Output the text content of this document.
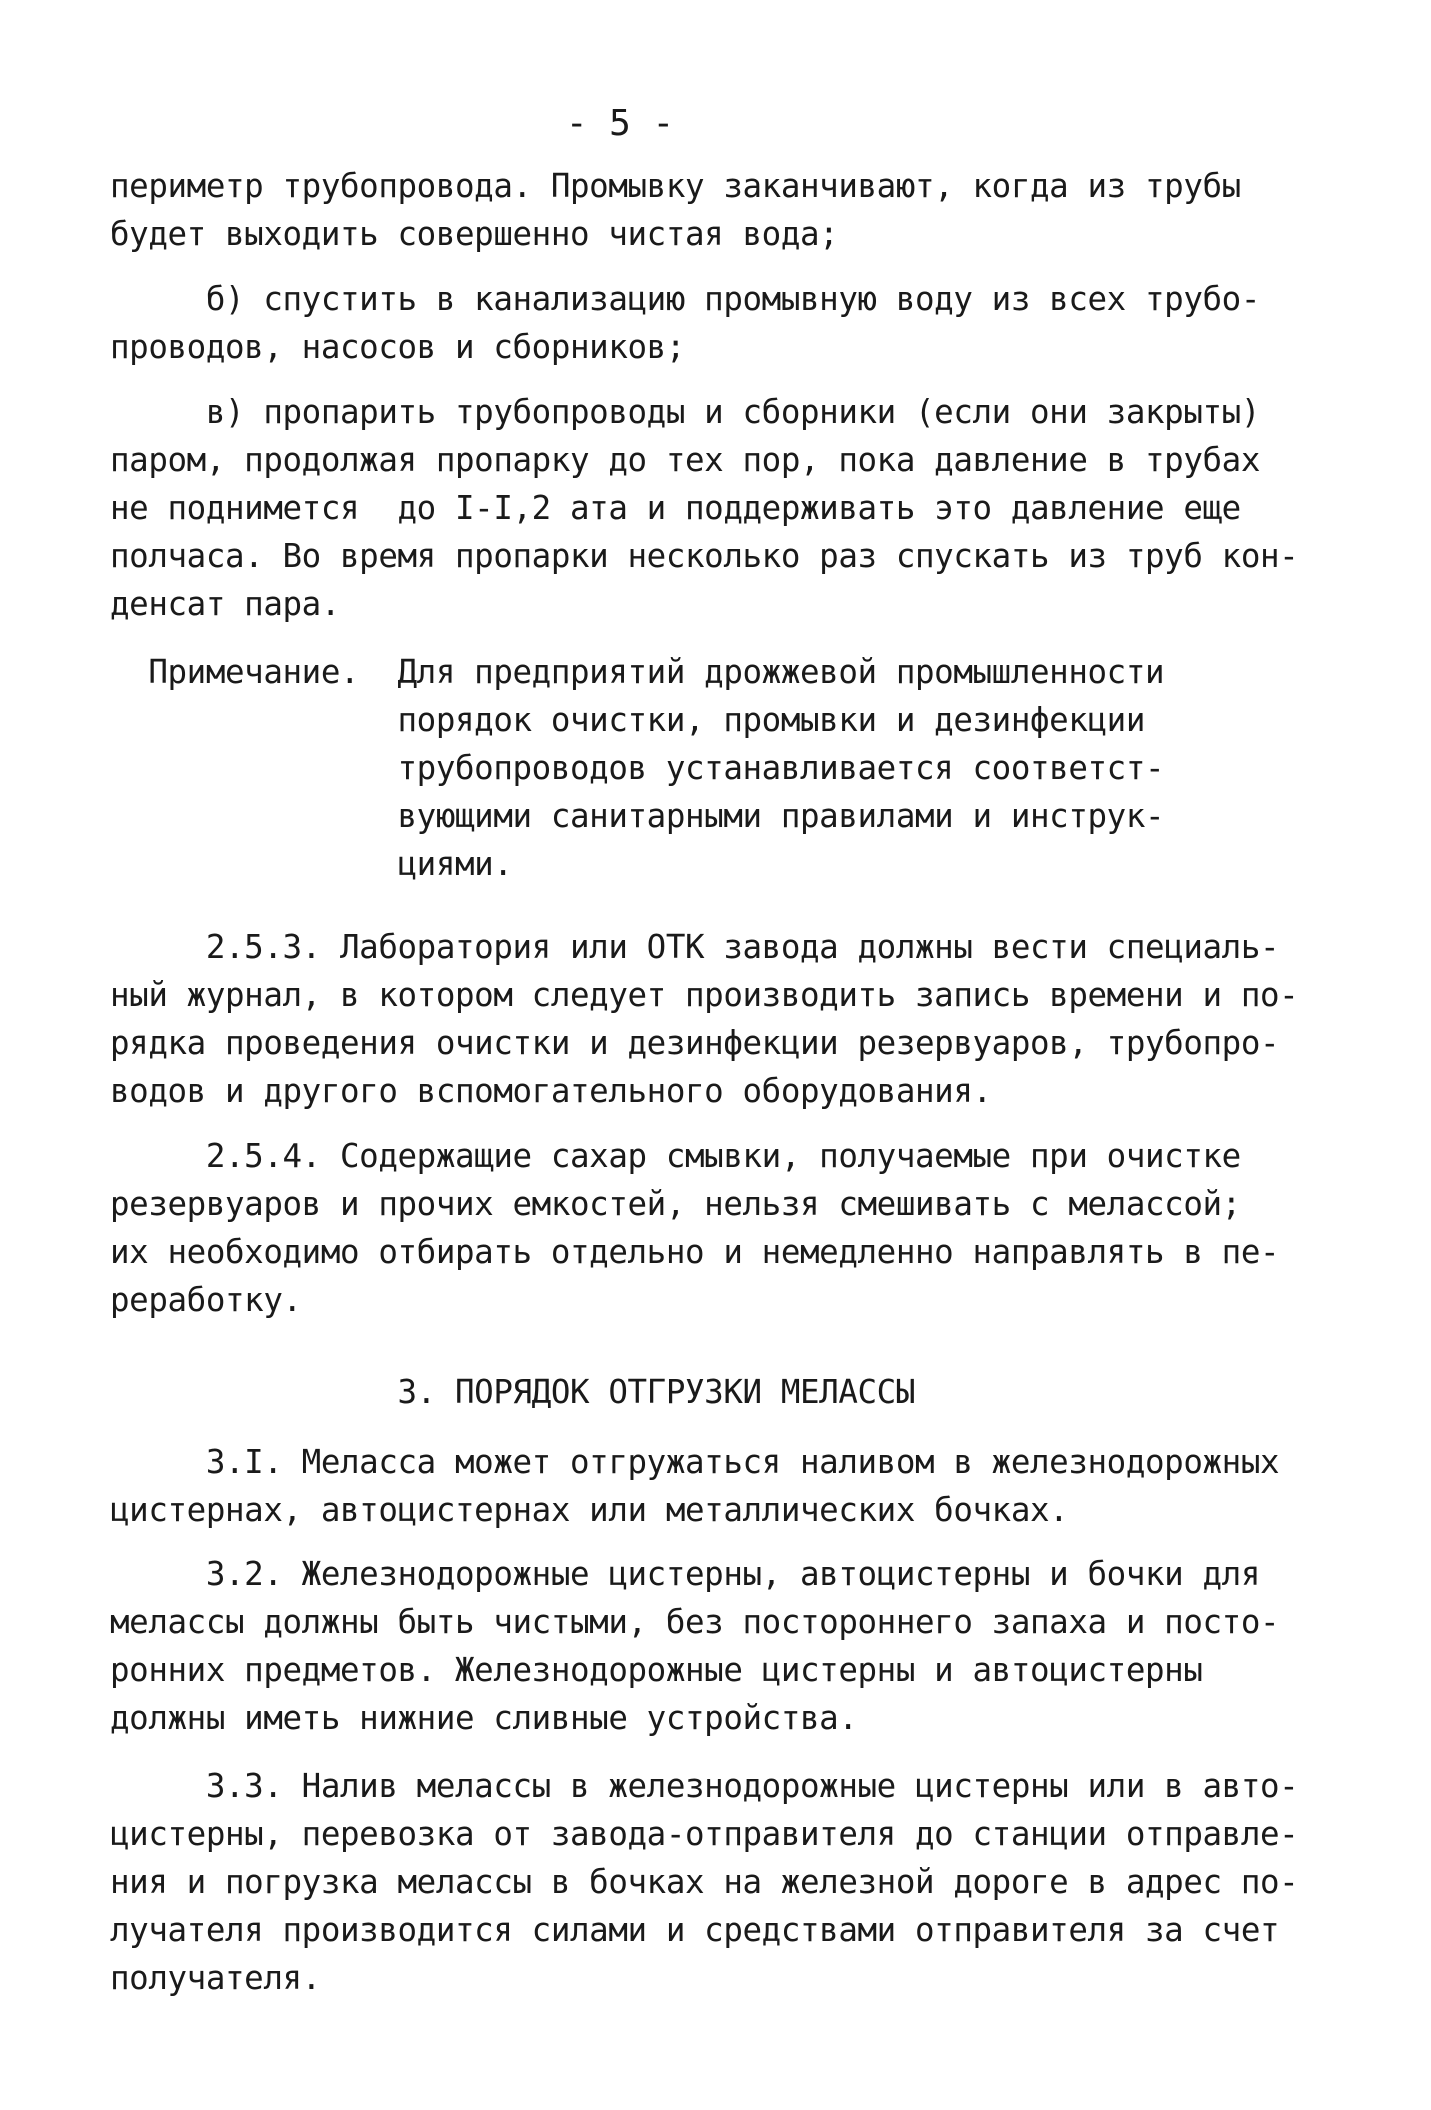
- 5 -
периметр трубопровода. Промывку заканчивают, когда из трубы
будет выходить совершенно чистая вода;
б) спустить в канализацию промывную воду из всех трубо-
проводов, насосов и сборников;
в) пропарить трубопроводы и сборники (если они закрыты)
паром, продолжая пропарку до тех пор, пока давление в трубах
не поднимется  до I-I,2 ата и поддерживать это давление еще
полчаса. Во время пропарки несколько раз спускать из труб кон-
денсат пара.
Примечание.  Для предприятий дрожжевой промышленности
порядок очистки, промывки и дезинфекции
трубопроводов устанавливается соответст-
вующими санитарными правилами и инструк-
циями.
2.5.3. Лаборатория или ОТК завода должны вести специаль-
ный журнал, в котором следует производить запись времени и по-
рядка проведения очистки и дезинфекции резервуаров, трубопро-
водов и другого вспомогательного оборудования.
2.5.4. Содержащие сахар смывки, получаемые при очистке
резервуаров и прочих емкостей, нельзя смешивать с мелассой;
их необходимо отбирать отдельно и немедленно направлять в пе-
реработку.
3. ПОРЯДОК ОТГРУЗКИ МЕЛАССЫ
3.I. Меласса может отгружаться наливом в железнодорожных
цистернах, автоцистернах или металлических бочках.
3.2. Железнодорожные цистерны, автоцистерны и бочки для
мелассы должны быть чистыми, без постороннего запаха и посто-
ронних предметов. Железнодорожные цистерны и автоцистерны
должны иметь нижние сливные устройства.
3.3. Налив мелассы в железнодорожные цистерны или в авто-
цистерны, перевозка от завода-отправителя до станции отправле-
ния и погрузка мелассы в бочках на железной дороге в адрес по-
лучателя производится силами и средствами отправителя за счет
получателя.
